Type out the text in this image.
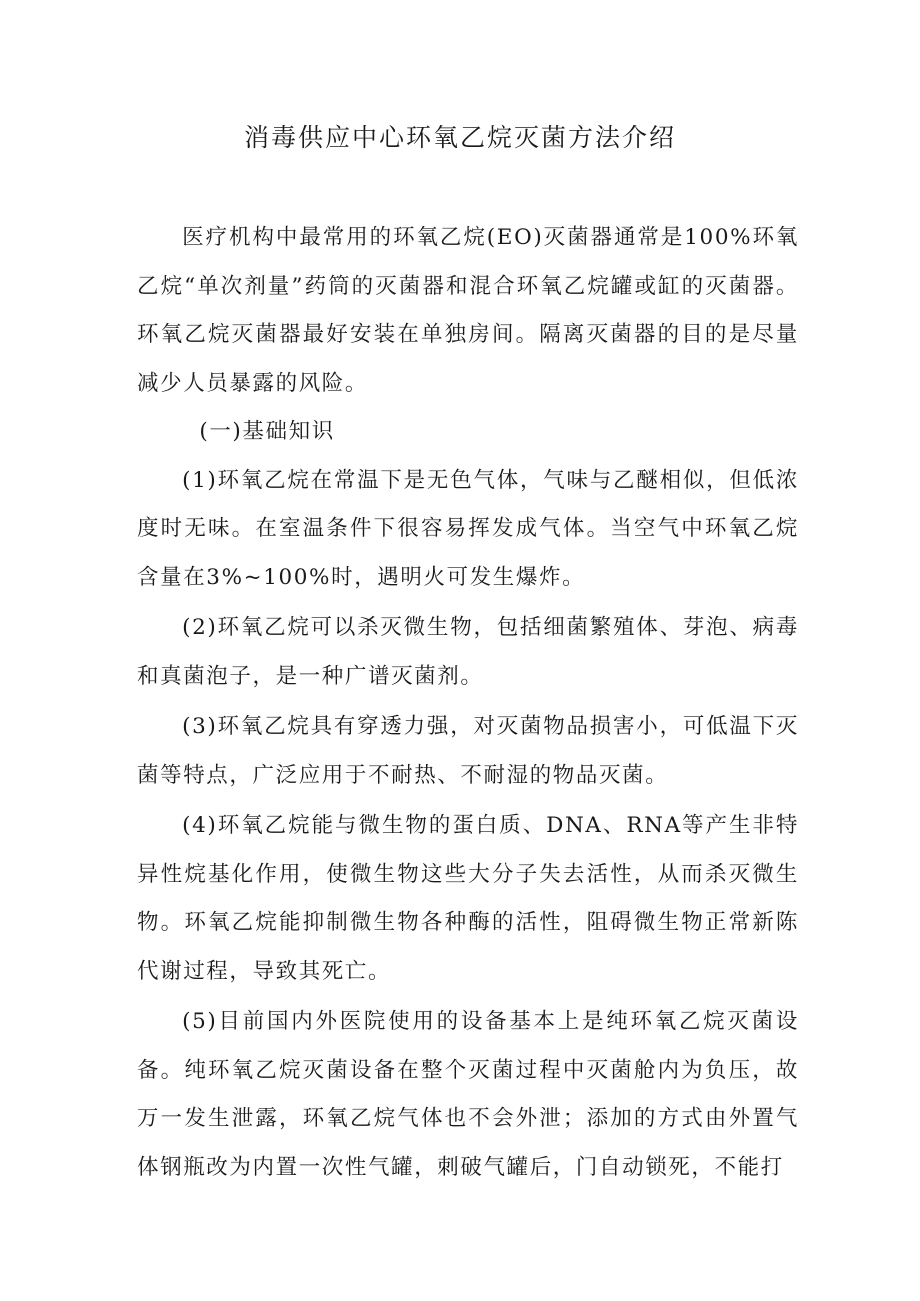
消毒供应中心环氧乙烷灭菌方法介绍

医疗机构中最常用的环氧乙烷(EO)灭菌器通常是100%环氧乙烷“单次剂量”药筒的灭菌器和混合环氧乙烷罐或缸的灭菌器。环氧乙烷灭菌器最好安装在单独房间。隔离灭菌器的目的是尽量减少人员暴露的风险。

(一)基础知识

(1)环氧乙烷在常温下是无色气体，气味与乙醚相似，但低浓度时无味。在室温条件下很容易挥发成气体。当空气中环氧乙烷含量在3%~100%时，遇明火可发生爆炸。

(2)环氧乙烷可以杀灭微生物，包括细菌繁殖体、芽泡、病毒和真菌泡子，是一种广谱灭菌剂。

(3)环氧乙烷具有穿透力强，对灭菌物品损害小，可低温下灭菌等特点，广泛应用于不耐热、不耐湿的物品灭菌。

(4)环氧乙烷能与微生物的蛋白质、DNA、RNA等产生非特异性烷基化作用，使微生物这些大分子失去活性，从而杀灭微生物。环氧乙烷能抑制微生物各种酶的活性，阻碍微生物正常新陈代谢过程，导致其死亡。

(5)目前国内外医院使用的设备基本上是纯环氧乙烷灭菌设备。纯环氧乙烷灭菌设备在整个灭菌过程中灭菌舱内为负压，故万一发生泄露，环氧乙烷气体也不会外泄；添加的方式由外置气体钢瓶改为内置一次性气罐，刺破气罐后，门自动锁死，不能打
